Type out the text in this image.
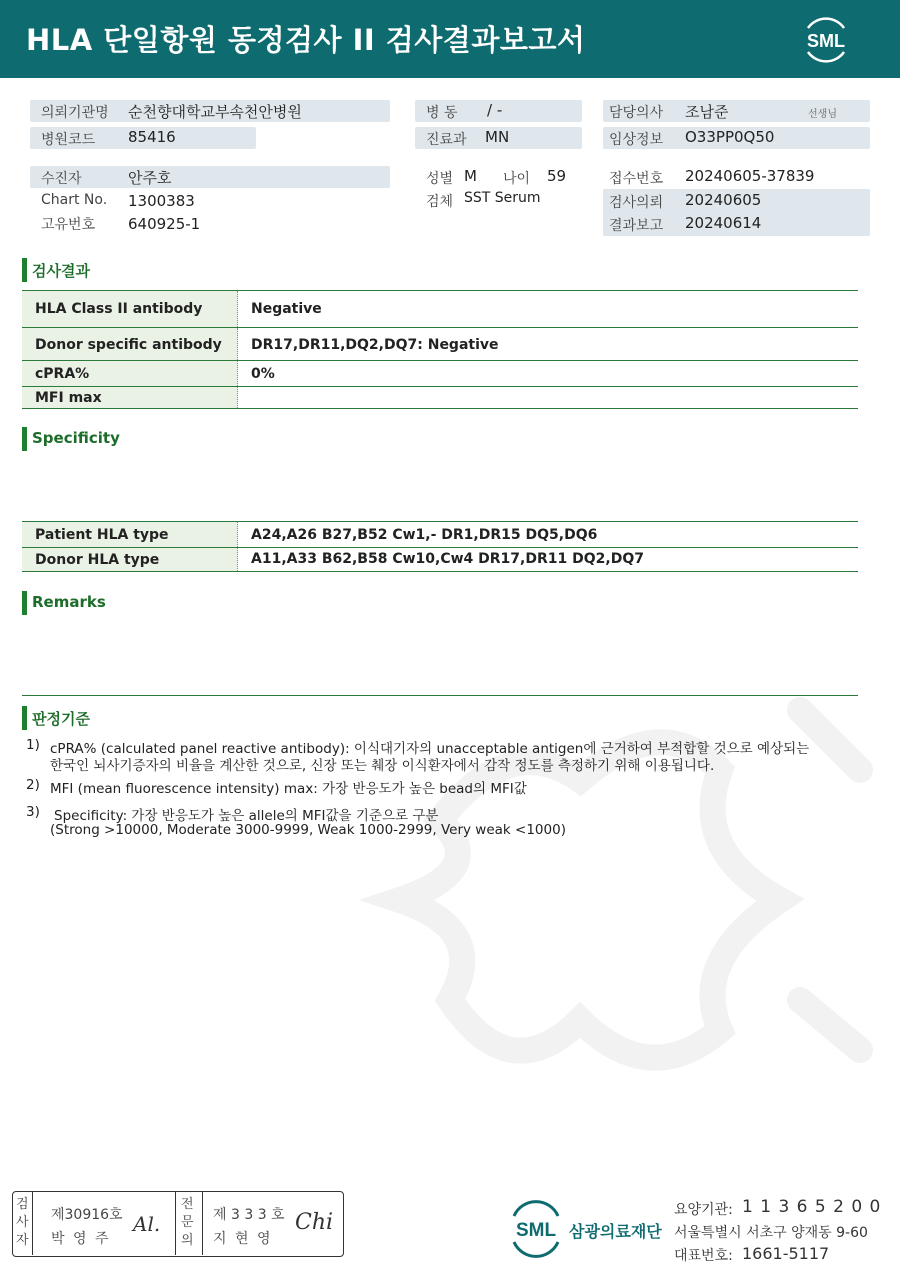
HLA 단일항원 동정검사 II 검사결과보고서	SML
의뢰기관명 순천향대학교부속천안병원
병원코드 85416
병 동 / -
진료과 MN
담당의사 조남준	선생님
임상정보 O33PP0Q50
수진자	안주호
Chart No. 1300383
고유번호 640925-1
성별 M 나이 59
검체 SST Serum
접수번호 20240605-37839
검사의뢰 20240605
결과보고 20240614
검사결과
HLA Class II antibody	Negative
Donor specific antibody	DR17,DR11,DQ2,DQ7: Negative
cPRA%	0%
MFI max
Specificity
Patient HLA type	A24,A26 B27,B52 Cw1,- DR1,DR15 DQ5,DQ6
Donor HLA type	A11,A33 B62,B58 Cw10,Cw4 DR17,DR11 DQ2,DQ7
Remarks
판정기준
1) cPRA% (calculated panel reactive antibody): 이식대기자의 unacceptable antigen에 근거하여 부적합할 것으로 예상되는
한국인 뇌사기증자의 비율을 계산한 것으로, 신장 또는 췌장 이식환자에서 감작 정도를 측정하기 위해 이용됩니다.
2) MFI (mean fluorescence intensity) max: 가장 반응도가 높은 bead의 MFI값
3) Specificity: 가장 반응도가 높은 allele의 MFI값을 기준으로 구분
(Strong >10000, Moderate 3000-9999, Weak 1000-2999, Very weak <1000)
검사자
제30916호
박 영 주
Al.
전문의
제 3 3 3 호
지 현 영
Chi	SML 삼광의료재단
요양기관: 1 1 3 6 5 2 0 0
서울특별시 서초구 양재동 9-60
대표번호: 1661-5117
